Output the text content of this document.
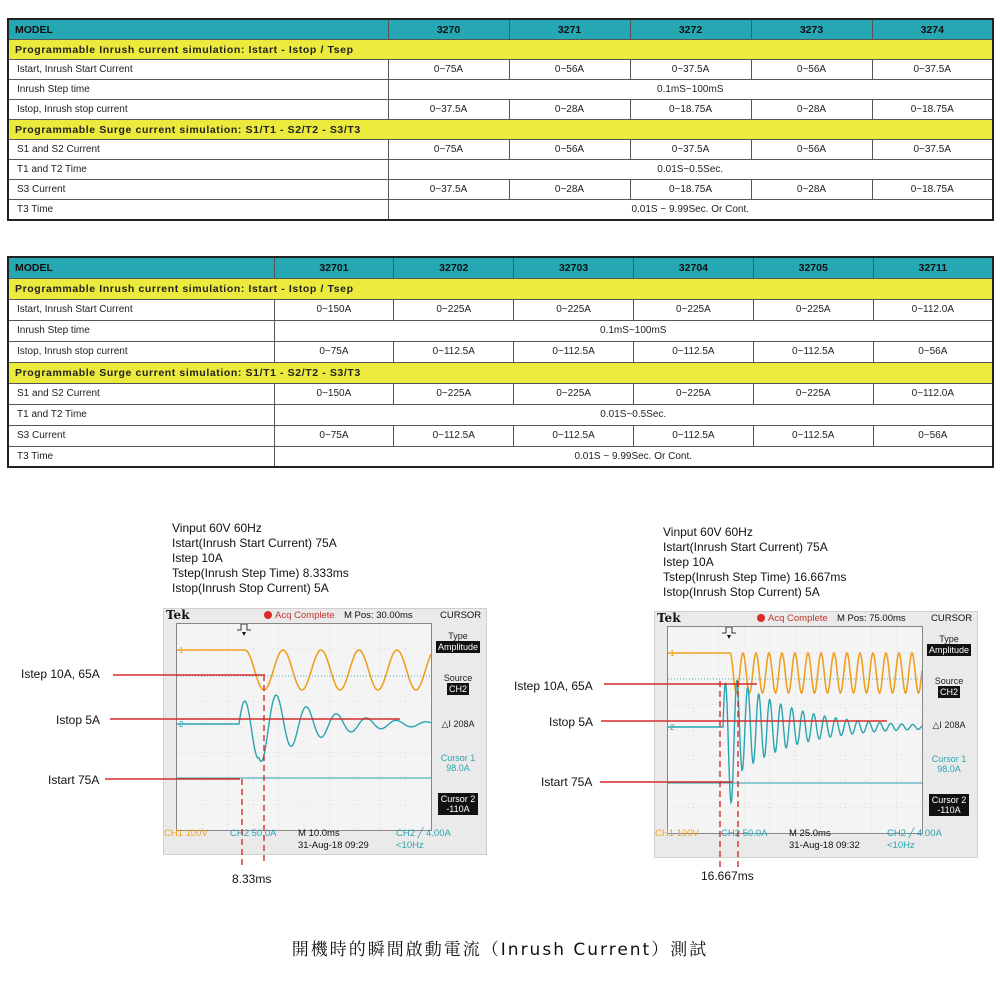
MODEL	3270	3271	3272	3273	3274
Programmable Inrush current simulation: Istart - Istop / Tsep					
Istart, Inrush Start Current	0~75A	0~56A	0~37.5A	0~56A	0~37.5A
Inrush Step time	0.1mS~100mS				
Istop, Inrush stop current	0~37.5A	0~28A	0~18.75A	0~28A	0~18.75A
Programmable Surge current simulation: S1/T1 - S2/T2 - S3/T3					
S1 and S2 Current	0~75A	0~56A	0~37.5A	0~56A	0~37.5A
T1 and T2 Time	0.01S~0.5Sec.				
S3 Current	0~37.5A	0~28A	0~18.75A	0~28A	0~18.75A
T3 Time	0.01S ~ 9.99Sec. Or Cont.				
MODEL	32701	32702	32703	32704	32705	32711
Programmable Inrush current simulation: Istart - Istop / Tsep						
Istart, Inrush Start Current	0~150A	0~225A	0~225A	0~225A	0~225A	0~112.0A
Inrush Step time	0.1mS~100mS					
Istop, Inrush stop current	0~75A	0~112.5A	0~112.5A	0~112.5A	0~112.5A	0~56A
Programmable Surge current simulation: S1/T1 - S2/T2 - S3/T3						
S1 and S2 Current	0~150A	0~225A	0~225A	0~225A	0~225A	0~112.0A
T1 and T2 Time	0.01S~0.5Sec.					
S3 Current	0~75A	0~112.5A	0~112.5A	0~112.5A	0~112.5A	0~56A
T3 Time	0.01S ~ 9.99Sec. Or Cont.					
Vinput 60V 60Hz
Istart(Inrush Start Current) 75A
Istep 10A
Tstep(Inrush Step Time) 8.333ms
Istop(Inrush Stop Current) 5A
Tek	Acq Complete M Pos: 30.00ms	CURSOR
1
2
Type
Amplitude
Source
CH2
△I 208A
Cursor 1
98.0A
Cursor 2
-110A
CH1 100V CH2 50.0A M 10.0ms
31-Aug-18 09:29
CH2 ╱ 4.00A
<10Hz
Istep 10A, 65A
Istop 5A
Istart 75A
8.33ms
Vinput 60V 60Hz
Istart(Inrush Start Current) 75A
Istep 10A
Tstep(Inrush Step Time) 16.667ms
Istop(Inrush Stop Current) 5A
Tek	Acq Complete M Pos: 75.00ms	CURSOR
1
2
Type
Amplitude
Source
CH2
△I 208A
Cursor 1
98.0A
Cursor 2
-110A
CH1 100V CH2 50.0A M 25.0ms
31-Aug-18 09:32
CH2 ╱ 4.00A
<10Hz
Istep 10A, 65A
Istop 5A
Istart 75A
16.667ms
開機時的瞬間啟動電流（Inrush Current）測試
